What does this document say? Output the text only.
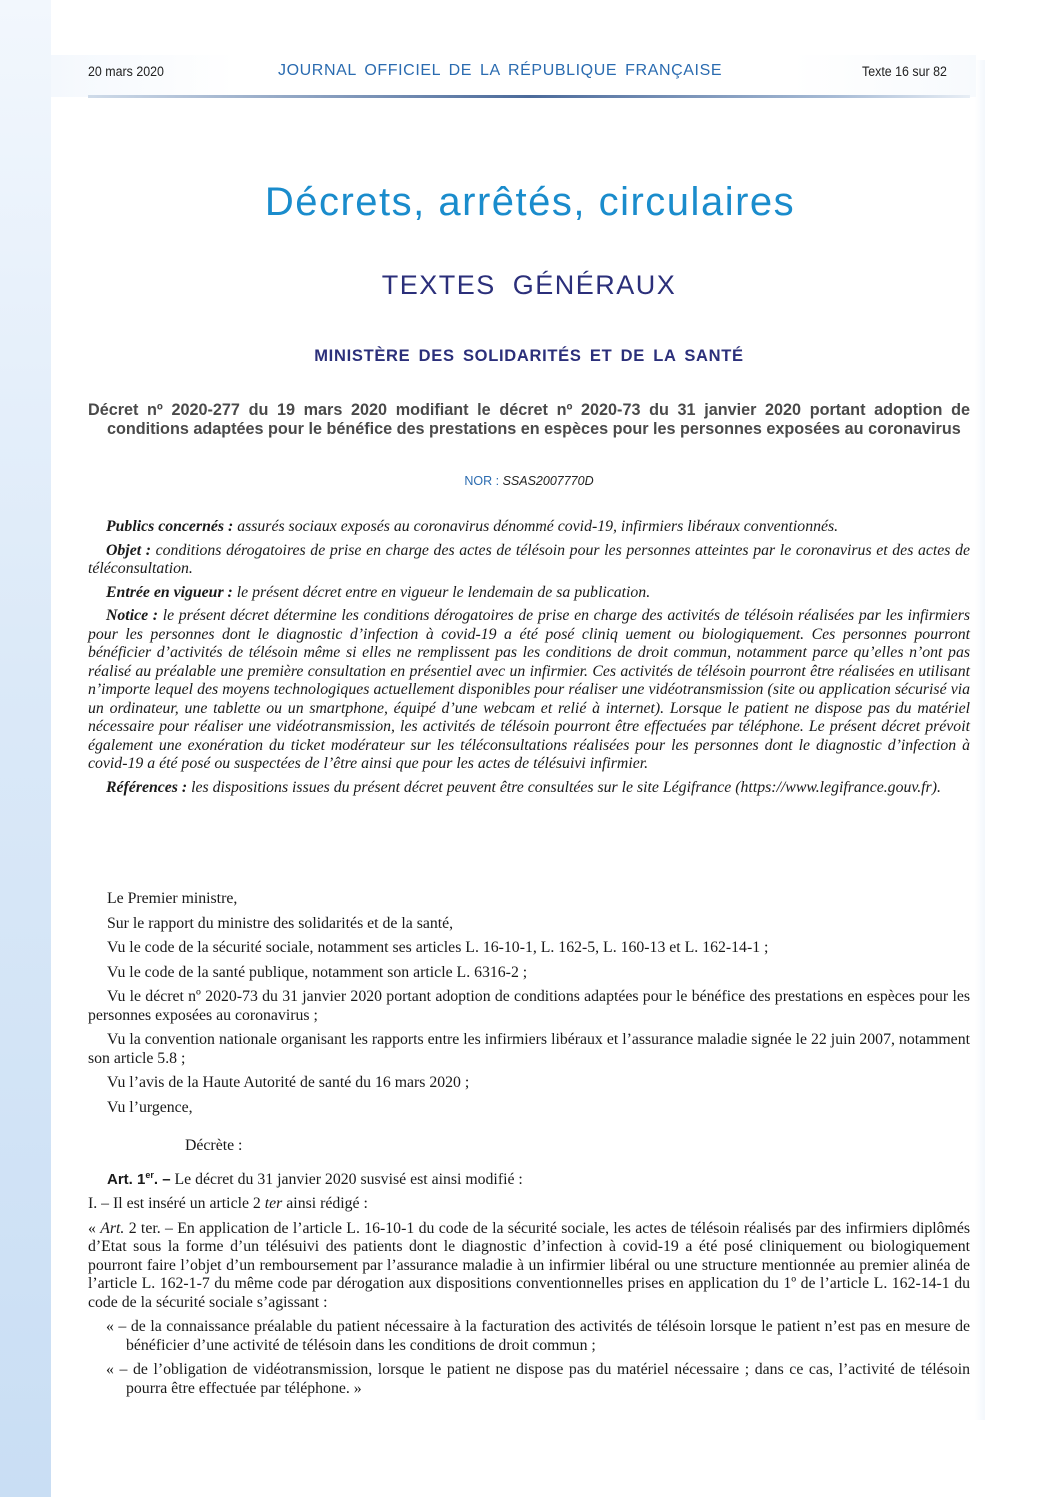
20 mars 2020	JOURNAL OFFICIEL DE LA RÉPUBLIQUE FRANÇAISE	Texte 16 sur 82
Décrets, arrêtés, circulaires
TEXTES GÉNÉRAUX
MINISTÈRE DES SOLIDARITÉS ET DE LA SANTÉ
Décret nº 2020-277 du 19 mars 2020 modifiant le décret nº 2020-73 du 31 janvier 2020 portant adoption de conditions adaptées pour le bénéfice des prestations en espèces pour les personnes exposées au coronavirus
NOR : SSAS2007770D

Publics concernés : assurés sociaux exposés au coronavirus dénommé covid-19, infirmiers libéraux conventionnés.

Objet : conditions dérogatoires de prise en charge des actes de télésoin pour les personnes atteintes par le coronavirus et des actes de téléconsultation.

Entrée en vigueur : le présent décret entre en vigueur le lendemain de sa publication.

Notice : le présent décret détermine les conditions dérogatoires de prise en charge des activités de télésoin réalisées par les infirmiers pour les personnes dont le diagnostic d’infection à covid-19 a été posé cliniq uement ou biologiquement. Ces personnes pourront bénéficier d’activités de télésoin même si elles ne remplissent pas les conditions de droit commun, notamment parce qu’elles n’ont pas réalisé au préalable une première consultation en présentiel avec un infirmier. Ces activités de télésoin pourront être réalisées en utilisant n’importe lequel des moyens technologiques actuellement disponibles pour réaliser une vidéotransmission (site ou application sécurisé via un ordinateur, une tablette ou un smartphone, équipé d’une webcam et relié à internet). Lorsque le patient ne dispose pas du matériel nécessaire pour réaliser une vidéotransmission, les activités de télésoin pourront être effectuées par téléphone. Le présent décret prévoit également une exonération du ticket modérateur sur les téléconsultations réalisées pour les personnes dont le diagnostic d’infection à covid-19 a été posé ou suspectées de l’être ainsi que pour les actes de télésuivi infirmier.

Références : les dispositions issues du présent décret peuvent être consultées sur le site Légifrance (https://www.legifrance.gouv.fr).

Le Premier ministre,

Sur le rapport du ministre des solidarités et de la santé,

Vu le code de la sécurité sociale, notamment ses articles L. 16-10-1, L. 162-5, L. 160-13 et L. 162-14-1 ;

Vu le code de la santé publique, notamment son article L. 6316-2 ;

Vu le décret nº 2020-73 du 31 janvier 2020 portant adoption de conditions adaptées pour le bénéfice des prestations en espèces pour les personnes exposées au coronavirus ;

Vu la convention nationale organisant les rapports entre les infirmiers libéraux et l’assurance maladie signée le 22 juin 2007, notamment son article 5.8 ;

Vu l’avis de la Haute Autorité de santé du 16 mars 2020 ;

Vu l’urgence,

Décrète :

Art. 1er. – Le décret du 31 janvier 2020 susvisé est ainsi modifié :

I. – Il est inséré un article 2 ter ainsi rédigé :

« Art. 2 ter. – En application de l’article L. 16-10-1 du code de la sécurité sociale, les actes de télésoin réalisés par des infirmiers diplômés d’Etat sous la forme d’un télésuivi des patients dont le diagnostic d’infection à covid-19 a été posé cliniquement ou biologiquement pourront faire l’objet d’un remboursement par l’assurance maladie à un infirmier libéral ou une structure mentionnée au premier alinéa de l’article L. 162-1-7 du même code par dérogation aux dispositions conventionnelles prises en application du 1º de l’article L. 162-14-1 du code de la sécurité sociale s’agissant :

« – de la connaissance préalable du patient nécessaire à la facturation des activités de télésoin lorsque le patient n’est pas en mesure de bénéficier d’une activité de télésoin dans les conditions de droit commun ;

« – de l’obligation de vidéotransmission, lorsque le patient ne dispose pas du matériel nécessaire ; dans ce cas, l’activité de télésoin pourra être effectuée par téléphone. »
